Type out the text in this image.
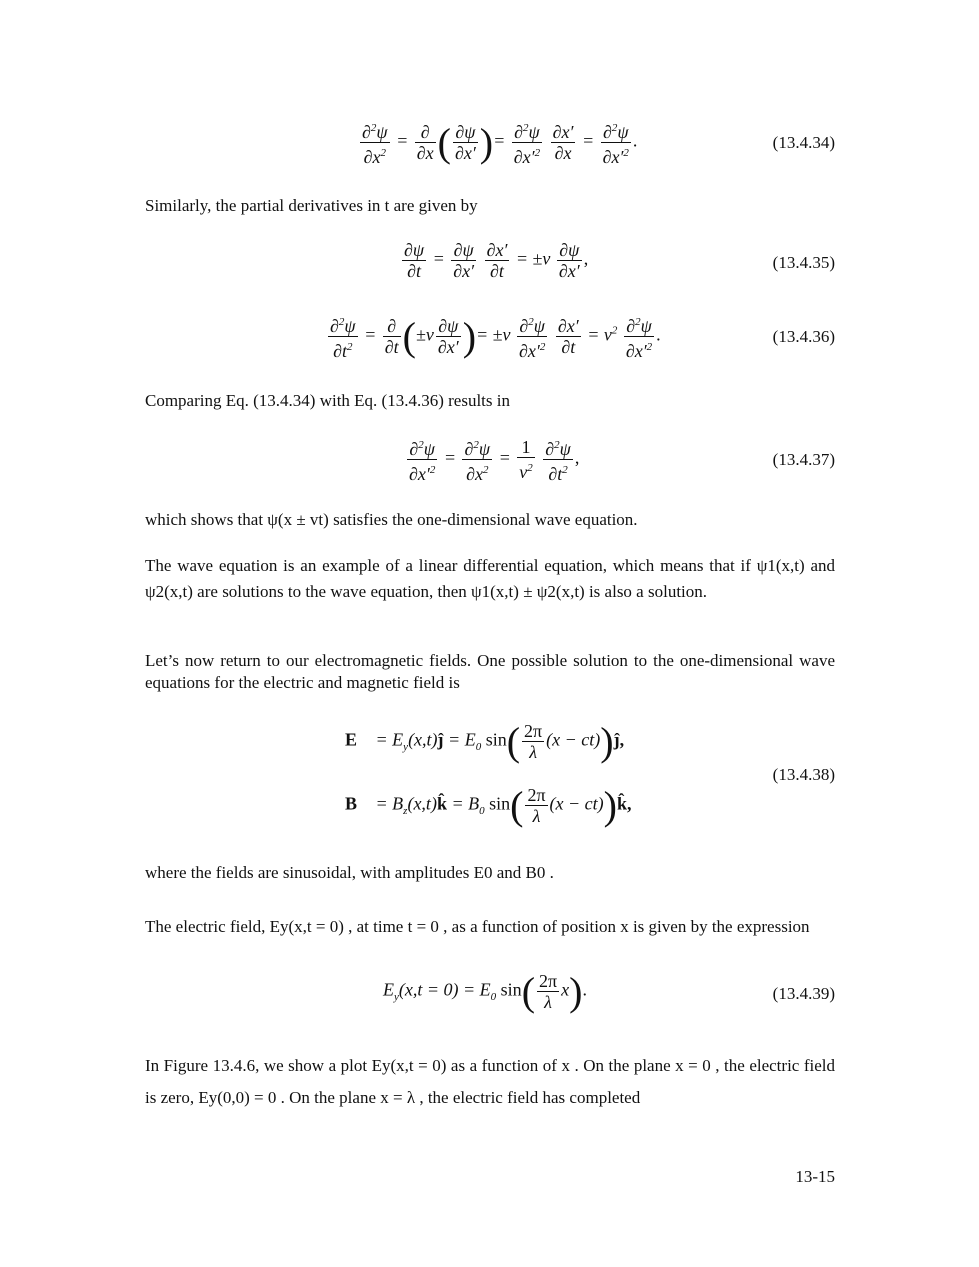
$\frac{\partial^2\psi}{\partial x^2} = \frac{\partial}{\partial x}$ ( $\frac{\partial\psi}{\partial x'}$ )= $\frac{\partial^2\psi}{\partial x'^2}$
$\frac{\partial x'}{\partial x} = \frac{\partial^2\psi}{\partial x'^2}$ .	(13.4.34)
Similarly, the partial derivatives in t are given by
$\frac{\partial\psi}{\partial t} = \frac{\partial\psi}{\partial x'}$
$\frac{\partial x'}{\partial t} = \pm v \frac{\partial\psi}{\partial x'}$ ,	(13.4.35)
$\frac{\partial^2\psi}{\partial t^2} = \frac{\partial}{\partial t} (\pm v \frac{\partial\psi}{\partial x'}$ )= $\pm v \frac{\partial^2\psi}{\partial x'^2}$
$\frac{\partial x'}{\partial t} = v^2 \frac{\partial^2\psi}{\partial x'^2}$ .	(13.4.36)
Comparing Eq. (13.4.34) with Eq. (13.4.36) results in
$\frac{\partial^2\psi}{\partial x'^2} = \frac{\partial^2\psi}{\partial x^2} = \frac{1}{v^2}$
$\frac{\partial^2\psi}{\partial t^2}$ ,	(13.4.37)
which shows that ψ(x ± vt) satisfies the one-dimensional wave equation.
The wave equation is an example of a linear differential equation, which means that if ψ1(x,t) and ψ2(x,t) are solutions to the wave equation, then ψ1(x,t) ± ψ2(x,t) is also a solution.
Let’s now return to our electromagnetic fields. One possible solution to the one-dimensional wave equations for the electric and magnetic field is
E⃗ = $E_y(x,t)ĵ = E_0$ $\sin( \frac{2\pi}{\lambda} (x$ − ct))ĵ,
B⃗ = $B_z(x,t)k̂ = B_0$ $\sin( \frac{2\pi}{\lambda} (x$ − ct))k̂,
(13.4.38)
where the fields are sinusoidal, with amplitudes E0 and B0 .
The electric field, Ey(x,t = 0) , at time t = 0 , as a function of position x is given by the expression
$E_y(x,t = 0) = E_0$ $\sin( \frac{2\pi}{\lambda} x)$.	(13.4.39)
In Figure 13.4.6, we show a plot Ey(x,t = 0) as a function of x . On the plane x = 0 , the electric field is zero, Ey(0,0) = 0 . On the plane x = λ , the electric field has completed
13-15
